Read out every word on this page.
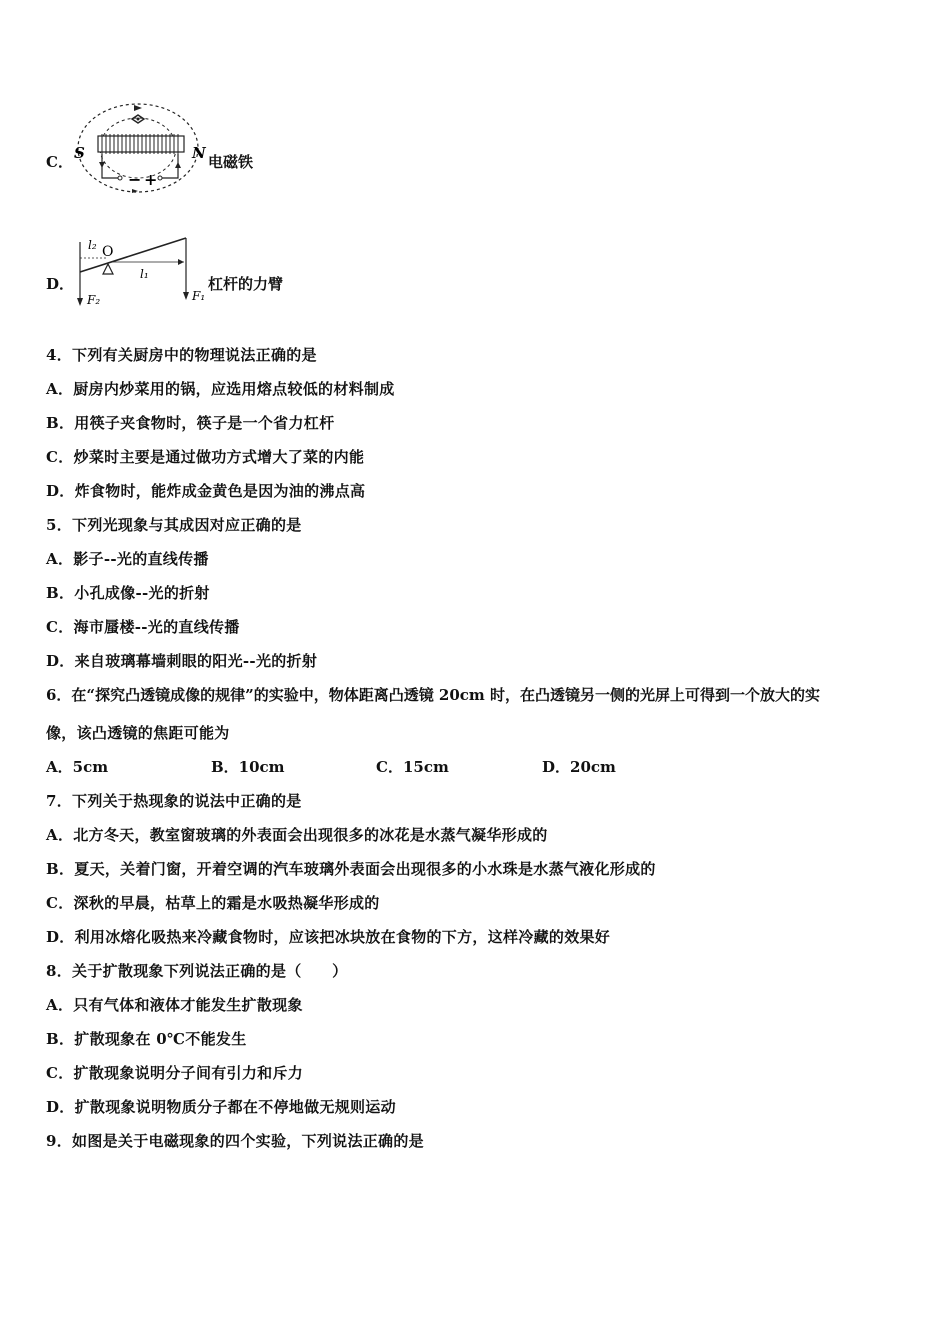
C． S	N
− +
电磁铁
D．
l₂ O
l₁
F₂	F₁
杠杆的力臂
4．下列有关厨房中的物理说法正确的是
A．厨房内炒菜用的锅，应选用熔点较低的材料制成
B．用筷子夹食物时，筷子是一个省力杠杆
C．炒菜时主要是通过做功方式增大了菜的内能
D．炸食物时，能炸成金黄色是因为油的沸点高
5．下列光现象与其成因对应正确的是
A．影子--光的直线传播
B．小孔成像--光的折射
C．海市蜃楼--光的直线传播
D．来自玻璃幕墙刺眼的阳光--光的折射
6．在“探究凸透镜成像的规律”的实验中，物体距离凸透镜 20cm 时，在凸透镜另一侧的光屏上可得到一个放大的实
像，该凸透镜的焦距可能为
A．5cm	B．10cm	C．15cm	D．20cm
7．下列关于热现象的说法中正确的是
A．北方冬天，教室窗玻璃的外表面会出现很多的冰花是水蒸气凝华形成的
B．夏天，关着门窗，开着空调的汽车玻璃外表面会出现很多的小水珠是水蒸气液化形成的
C．深秋的早晨，枯草上的霜是水吸热凝华形成的
D．利用冰熔化吸热来冷藏食物时，应该把冰块放在食物的下方，这样冷藏的效果好
8．关于扩散现象下列说法正确的是（　　）
A．只有气体和液体才能发生扩散现象
B．扩散现象在 0℃不能发生
C．扩散现象说明分子间有引力和斥力
D．扩散现象说明物质分子都在不停地做无规则运动
9．如图是关于电磁现象的四个实验，下列说法正确的是
